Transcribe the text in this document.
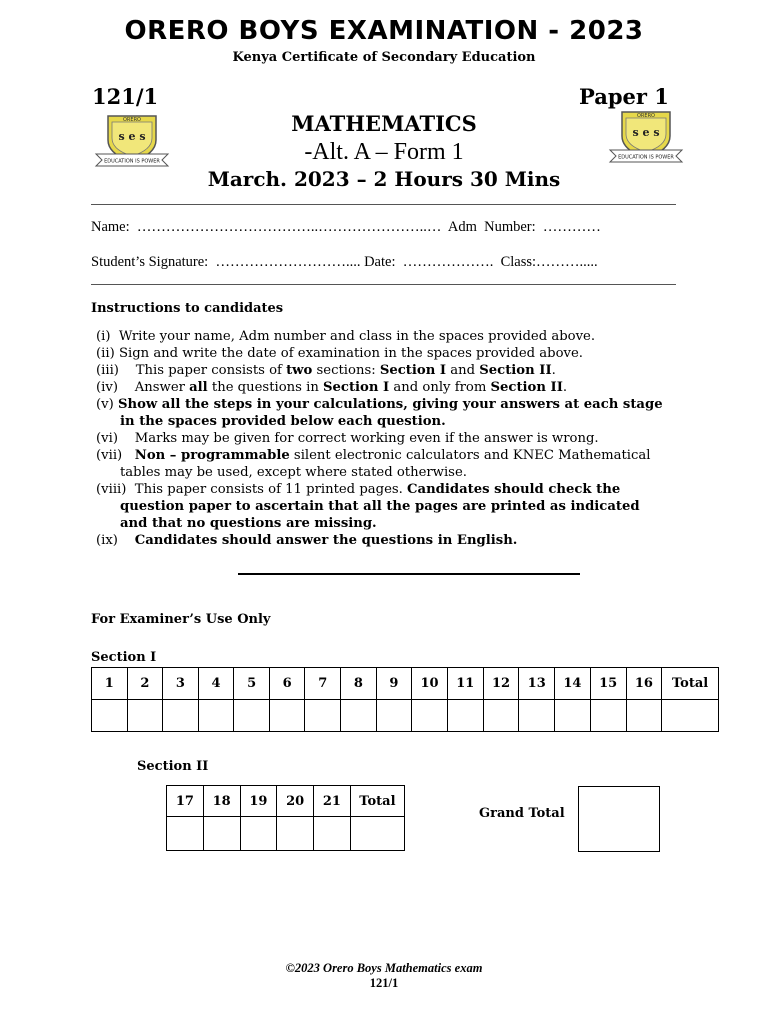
ORERO BOYS EXAMINATION - 2023
Kenya Certificate of Secondary Education
121/1	Paper 1
ORERO
s e s
EDUCATION IS POWER
ORERO
s e s
EDUCATION IS POWER
MATHEMATICS
-Alt. A – Form 1
March. 2023 – 2 Hours 30 Mins
Name:  ………………………………..…………………..…  Adm  Number:  …………
Student’s Signature:  ……………………….... Date:  ……………….  Class:……….....
Instructions to candidates
(i) Write your name, Adm number and class in the spaces provided above.
(ii) Sign and write the date of examination in the spaces provided above.
(iii) This paper consists of two sections: Section I and Section II.
(iv) Answer all the questions in Section I and only from Section II.
(v) Show all the steps in your calculations, giving your answers at each stage
in the spaces provided below each question.
(vi) Marks may be given for correct working even if the answer is wrong.
(vii) Non – programmable silent electronic calculators and KNEC Mathematical
tables may be used, except where stated otherwise.
(viii) This paper consists of 11 printed pages. Candidates should check the
question paper to ascertain that all the pages are printed as indicated
and that no questions are missing.
(ix) Candidates should answer the questions in English.
For Examiner’s Use Only
Section I
1	2	3	4	5	6	7	8	9	10	11	12	13	14	15	16	Total

Section II
17	18	19	20	21	Total

Grand Total
©2023 Orero Boys Mathematics exam
121/1
